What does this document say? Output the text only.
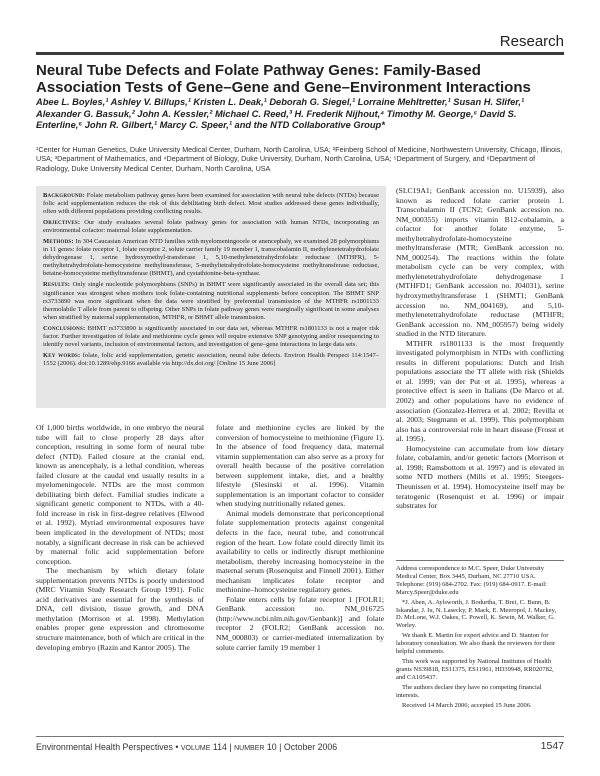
Research
Neural Tube Defects and Folate Pathway Genes: Family-Based Association Tests of Gene–Gene and Gene–Environment Interactions
Abee L. Boyles,¹ Ashley V. Billups,¹ Kristen L. Deak,¹ Deborah G. Siegel,¹ Lorraine Mehltretter,¹ Susan H. Slifer,¹ Alexander G. Bassuk,² John A. Kessler,² Michael C. Reed,³ H. Frederik Nijhout,⁴ Timothy M. George,⁵ David S. Enterline,⁶ John R. Gilbert,¹ Marcy C. Speer,¹ and the NTD Collaborative Group*
¹Center for Human Genetics, Duke University Medical Center, Durham, North Carolina, USA; ²Feinberg School of Medicine, Northwestern University, Chicago, Illinois, USA; ³Department of Mathematics, and ⁴Department of Biology, Duke University, Durham, North Carolina, USA; ⁵Department of Surgery, and ⁶Department of Radiology, Duke University Medical Center, Durham, North Carolina, USA

Background: Folate metabolism pathway genes have been examined for association with neural tube defects (NTDs) because folic acid supplementation reduces the risk of this debilitating birth defect. Most studies addressed these genes individually, often with different populations providing conflicting results.

Objectives: Our study evaluates several folate pathway genes for association with human NTDs, incorporating an environmental cofactor: maternal folate supplementation.

Methods: In 304 Caucasian American NTD families with myelomeningocele or anencephaly, we examined 28 polymorphisms in 11 genes: folate receptor 1, folate receptor 2, solute carrier family 19 member 1, transcobalamin II, methylenetetrahydrofolate dehydrogenase 1, serine hydroxymethyl-transferase 1, 5,10-methylenetetrahydrofolate reductase (MTHFR), 5-methyltetrahydrofolate-homocysteine methyltransferase, 5-methyltetrahydrofolate-homocysteine methyltransferase reductase, betaine-homocysteine methyltransferase (BHMT), and cystathionine-beta-synthase.

Results: Only single nucleotide polymorphisms (SNPs) in BHMT were significantly associated in the overall data set; this significance was strongest when mothers took folate-containing nutritional supplements before conception. The BHMT SNP rs3733890 was more significant when the data were stratified by preferential transmission of the MTHFR rs1801133 thermolabile T allele from parent to offspring. Other SNPs in folate pathway genes were marginally significant in some analyses when stratified by maternal supplementation, MTHFR, or BHMT allele transmission.

Conclusions: BHMT rs3733890 is significantly associated in our data set, whereas MTHFR rs1801133 is not a major risk factor. Further investigation of folate and methionine cycle genes will require extensive SNP genotyping and/or resequencing to identify novel variants, inclusion of environmental factors, and investigation of gene–gene interactions in large data sets.

Key words: folate, folic acid supplementation, genetic association, neural tube defects. Environ Health Perspect 114:1547–1552 (2006). doi:10.1289/ehp.9166 available via http://dx.doi.org/ [Online 15 June 2006]

(SLC19A1; GenBank accession no. U15939), also known as reduced folate carrier protein 1. Transcobalamin II (TCN2; GenBank accession no. NM_000355) imports vitamin B12-cobalamin, a cofactor for another folate enzyme, 5-methyltetrahydrofolate-homocysteine methyltransferase (MTR; GenBank accession no. NM_000254). The reactions within the folate metabolism cycle can be very complex, with methylenetetrahydrofolate dehydrogenase 1 (MTHFD1; GenBank accession no. J04031), serine hydroxymethyltransferase 1 (SHMT1; GenBank accession no. NM_004169), and 5,10-methylenetetrahydrofolate reductase (MTHFR; GenBank accession no. NM_005957) being widely studied in the NTD literature.

MTHFR rs1801133 is the most frequently investigated polymorphism in NTDs with conflicting results in different populations: Dutch and Irish populations associate the TT allele with risk (Shields et al. 1999; van der Put et al. 1995), whereas a protective effect is seen in Italians (De Marco et al. 2002) and other populations have no evidence of association (Gonzalez-Herrera et al. 2002; Revilla et al. 2003; Stegmann et al. 1999). This polymorphism also has a controversial role in heart disease (Frosst et al. 1995).

Homocysteine can accumulate from low dietary folate, cobalamin, and/or genetic factors (Morrison et al. 1998; Ramsbottom et al. 1997) and is elevated in some NTD mothers (Mills et al. 1995; Steegers-Theunissen et al. 1994). Homocysteine itself may be teratogenic (Rosenquist et al. 1996) or impair substrates for

Of 1,000 births worldwide, in one embryo the neural tube will fail to close properly 28 days after conception, resulting in some form of neural tube defect (NTD). Failed closure at the cranial end, known as anencephaly, is a lethal condition, whereas failed closure at the caudal end usually results in a myelomeningocele. NTDs are the most common debilitating birth defect. Familial studies indicate a significant genetic component to NTDs, with a 40-fold increase in risk in first-degree relatives (Elwood et al. 1992). Myriad environmental exposures have been implicated in the development of NTDs; most notably, a significant decrease in risk can be achieved by maternal folic acid supplementation before conception.

The mechanism by which dietary folate supplementation prevents NTDs is poorly understood (MRC Vitamin Study Research Group 1991). Folic acid derivatives are essential for the synthesis of DNA, cell division, tissue growth, and DNA methylation (Morrison et al. 1998). Methylation enables proper gene expression and chromosome structure maintenance, both of which are critical in the developing embryo (Razin and Kantor 2005). The

folate and methionine cycles are linked by the conversion of homocysteine to methionine (Figure 1). In the absence of food frequency data, maternal vitamin supplementation can also serve as a proxy for overall health because of the positive correlation between supplement intake, diet, and a healthy lifestyle (Slesinski et al. 1996). Vitamin supplementation is an important cofactor to consider when studying nutritionally related genes.

Animal models demonstrate that periconceptional folate supplementation protects against congenital defects in the face, neural tube, and conotruncal region of the heart. Low folate could directly limit its availability to cells or indirectly disrupt methionine metabolism, thereby increasing homocysteine in the maternal serum (Rosenquist and Finnell 2001). Either mechanism implicates folate receptor and methionine–homocysteine regulatory genes.

Folate enters cells by folate receptor 1 [FOLR1; GenBank accession no. NM_016725 (http://www.ncbi.nlm.nih.gov/Genbank)] and folate receptor 2 (FOLR2; GenBank accession no. NM_000803) or carrier-mediated internalization by solute carrier family 19 member 1

Address correspondence to M.C. Speer, Duke University Medical Center, Box 3445, Durham, NC 27710 USA. Telephone: (919) 684-2702. Fax: (919) 684-0917. E-mail: Marcy.Speer@duke.edu

*J. Aben, A. Aylsworth, J. Bodurtha, T. Brei, C. Bunn, B. Iskandar, J. Iu, N. Lasecky, P. Mack, E. Meeropol, J. Mackey, D. McLone, W.J. Oakes, C. Powell, K. Sewin, M. Walker, G. Worley.

We thank E. Martin for expert advice and D. Stanton for laboratory consultation. We also thank the reviewers for their helpful comments.

This work was supported by National Institutes of Health grants NS39818, ES11375, ES11961, HD39948, RR020782, and CA105437.

The authors declare they have no competing financial interests.

Received 14 March 2006; accepted 15 June 2006.

Environmental Health Perspectives • VOLUME 114 | NUMBER 10 | October 2006	1547
